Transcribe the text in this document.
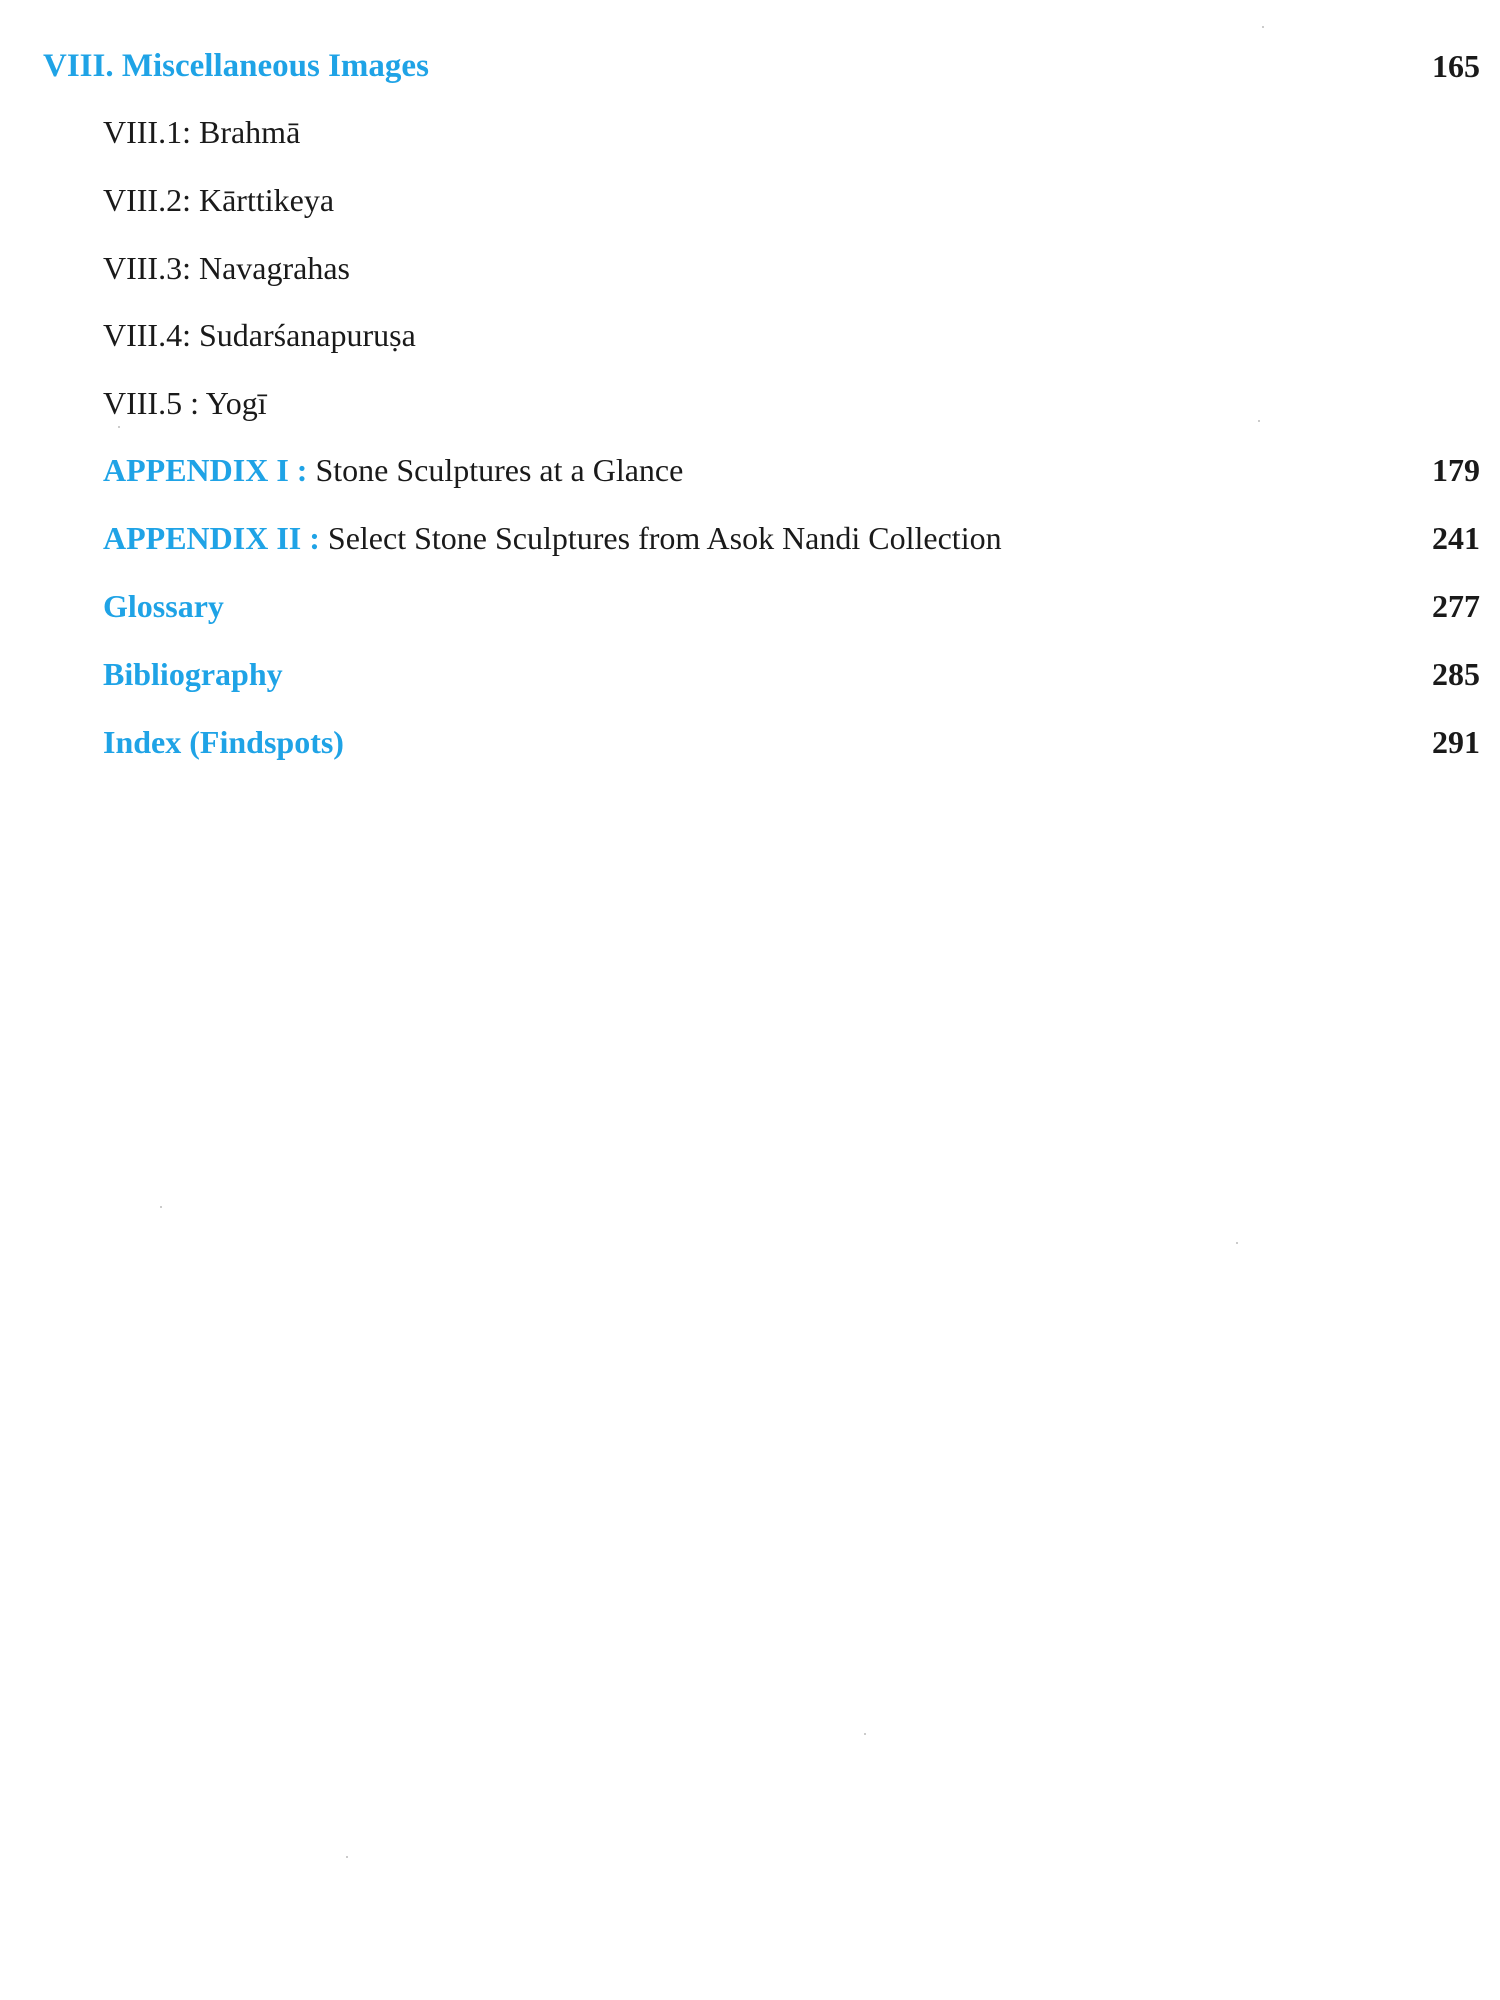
VIII. Miscellaneous Images	165
VIII.1: Brahmā
VIII.2: Kārttikeya
VIII.3: Navagrahas
VIII.4: Sudarśanapuruṣa
VIII.5 : Yogī
APPENDIX I : Stone Sculptures at a Glance	179
APPENDIX II : Select Stone Sculptures from Asok Nandi Collection	241
Glossary	277
Bibliography	285
Index (Findspots)	291
